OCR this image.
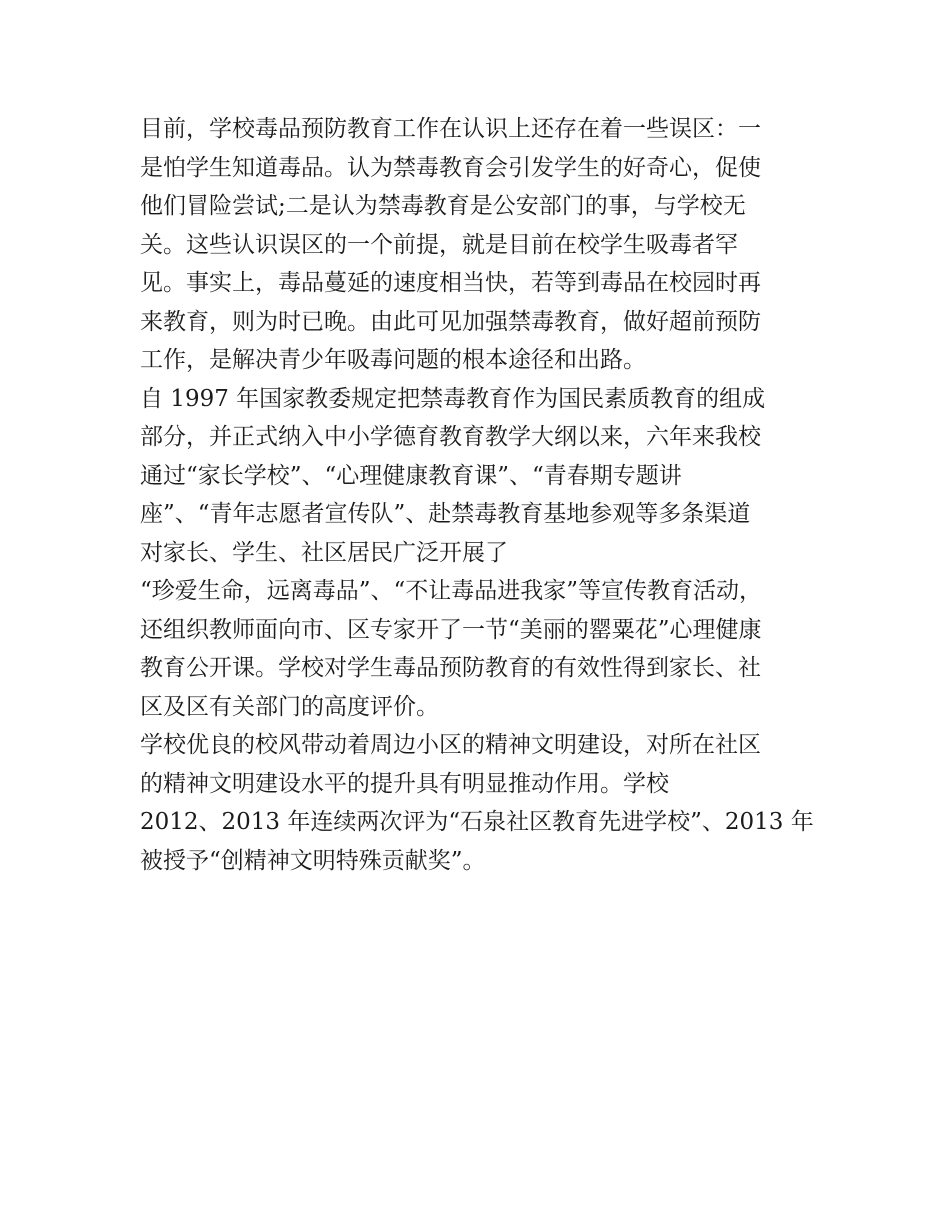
目前，学校毒品预防教育工作在认识上还存在着一些误区：一
是怕学生知道毒品。认为禁毒教育会引发学生的好奇心，促使
他们冒险尝试;二是认为禁毒教育是公安部门的事，与学校无
关。这些认识误区的一个前提，就是目前在校学生吸毒者罕
见。事实上，毒品蔓延的速度相当快，若等到毒品在校园时再
来教育，则为时已晚。由此可见加强禁毒教育，做好超前预防
工作，是解决青少年吸毒问题的根本途径和出路。
自 1997 年国家教委规定把禁毒教育作为国民素质教育的组成
部分，并正式纳入中小学德育教育教学大纲以来，六年来我校
通过“家长学校”、“心理健康教育课”、“青春期专题讲
座”、“青年志愿者宣传队”、赴禁毒教育基地参观等多条渠道
对家长、学生、社区居民广泛开展了
“珍爱生命，远离毒品”、“不让毒品进我家”等宣传教育活动，
还组织教师面向市、区专家开了一节“美丽的罂粟花”心理健康
教育公开课。学校对学生毒品预防教育的有效性得到家长、社
区及区有关部门的高度评价。
学校优良的校风带动着周边小区的精神文明建设，对所在社区
的精神文明建设水平的提升具有明显推动作用。学校
2012、2013 年连续两次评为“石泉社区教育先进学校”、2013 年
被授予“创精神文明特殊贡献奖”。
